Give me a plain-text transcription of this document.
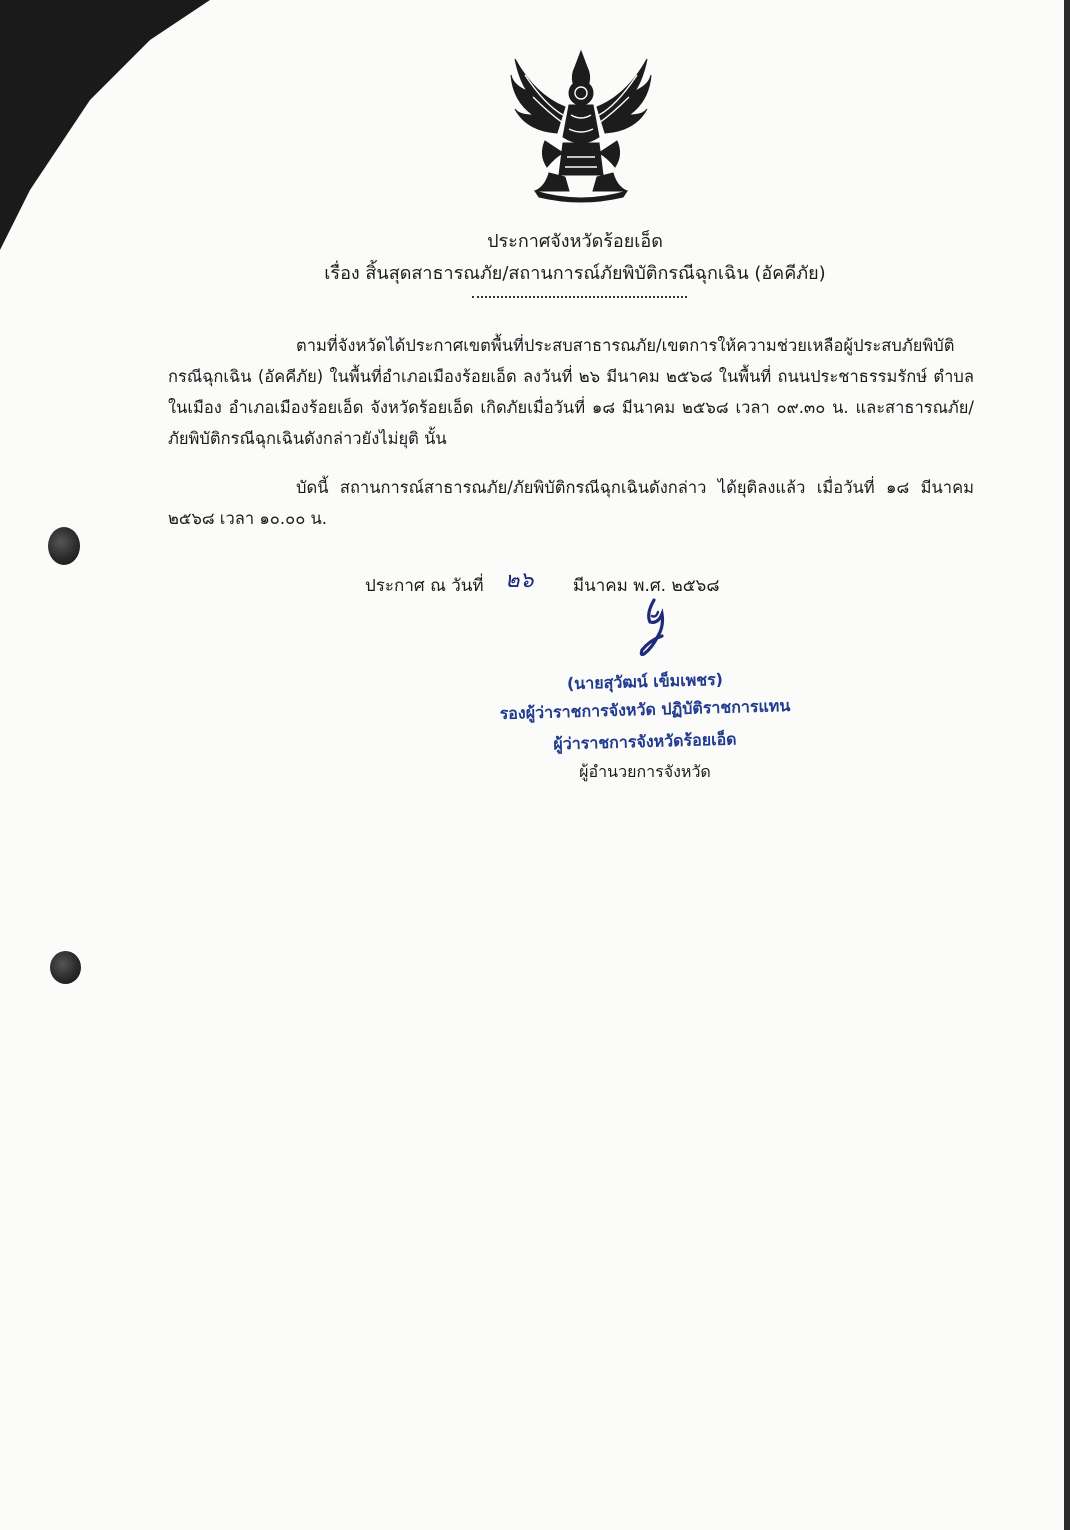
ประกาศจังหวัดร้อยเอ็ด
เรื่อง สิ้นสุดสาธารณภัย/สถานการณ์ภัยพิบัติกรณีฉุกเฉิน (อัคคีภัย)
ตามที่จังหวัดได้ประกาศเขตพื้นที่ประสบสาธารณภัย/เขตการให้ความช่วยเหลือผู้ประสบภัยพิบัติกรณีฉุกเฉิน (อัคคีภัย) ในพื้นที่อำเภอเมืองร้อยเอ็ด ลงวันที่ ๒๖ มีนาคม ๒๕๖๘ ในพื้นที่ ถนนประชาธรรมรักษ์ ตำบลในเมือง อำเภอเมืองร้อยเอ็ด จังหวัดร้อยเอ็ด เกิดภัยเมื่อวันที่ ๑๘ มีนาคม ๒๕๖๘ เวลา ๐๙.๓๐ น. และสาธารณภัย/ภัยพิบัติกรณีฉุกเฉินดังกล่าวยังไม่ยุติ นั้น
บัดนี้ สถานการณ์สาธารณภัย/ภัยพิบัติกรณีฉุกเฉินดังกล่าว ได้ยุติลงแล้ว เมื่อวันที่ ๑๘ มีนาคม ๒๕๖๘ เวลา ๑๐.๐๐ น.
ประกาศ ณ วันที่ ๒๖ มีนาคม พ.ศ. ๒๕๖๘
(นายสุวัฒน์ เข็มเพชร)
รองผู้ว่าราชการจังหวัด ปฏิบัติราชการแทน
ผู้ว่าราชการจังหวัดร้อยเอ็ด
ผู้อำนวยการจังหวัด
